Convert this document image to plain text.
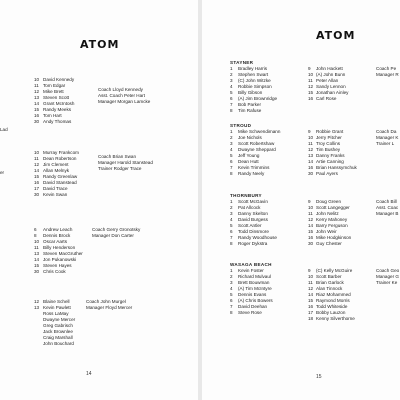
ATOM
Lad
er
10 David Kennedy
11 Tom Edgar
12 Mike Brett
13 Steven Scott
14 Grant McIntosh
15 Randy Meeks
16 Tom Hart
30 Andy Thomas
Coach Lloyd Kennedy
Asst. Coach Peter Hart
Manager Morgan Lamcke
10 Murray Frankcom
11 Dean Robertson
12 Jim Clement
14 Allan Melnyk
15 Randy Greenlaw
16 David Stanstead
17 David Trace
30 Kevin Swan
Coach Brian Swan
Manager Harold Stanstead
Trainer Rodger Trace
6	Andrew Leach
8	Dennis Brock
10 Oscar Aarts
11 Billy Henderson
13 Steven MacGruther
14 Jon Pukanowski
15 Steven Hayes
30 Chris Cook
Coach Gerry Gronotsky
Manager Don Carter
12 Blaine Schell
13 Kevin Pawlett
Ross LaMay
Dwayne Mercer
Greg Gabrisch
Jack Brownlee
Craig Marshall
John Bouchard
Coach John Murgel
Manager Floyd Mercer
14
ATOM
STAYNER
1	Bradley Harris
2	Stephen Swart
3	(C) John Witzke
4	Robbie Simpson
5	Billy Gibson
6	(A) Jim Brownridge
7	Bob Parker
8	Tim Rafuse
9	John Hackett
10 (A) John Bunn
11 Peter Allan
12 Sandy Lennon
15 Jonathan Ainley
16 Carl Rose
Coach Pe
Manager R
STROUD
1	Mike Schwendimann
2	Joe Nichols
3	Scott Robertshaw
4	Dwayne Sheppard
5	Jeff Young
6	Dean Hutt
7	Kevin Trimmins
8	Randy Neely
9	Robbie Grant
10 Jerry Pitcher
11 Troy Collins
12 Tim Bushey
13 Danny Franks
14 Artie Canning
16 Brian Hanssymchuk
30 Paul Ayers
Coach Da
Manager K
Trainer L
THORNBURY
1	Scott McGavin
2	Pat Allcock
3	Danny Skelton
4	David Burgess
5	Scott Antler
6	Todd Dinsmore
7	Randy Woodhouse
8	Roger Dykstra
9	Doug Green
10 Scott Langegger
11 John Nelitz
12 Kerry Mahoney
14 Barry Ferguson
15 John Weir
16 Mike Hodgkinson
30 Guy Chester
Coach Bill
Asst. Coac
Manager B
WASAGA BEACH
1	Kevin Foster
2	Richard Mulvaul
3	Brett Bouwman
4	(A) Tim McIntyre
5	Dennis Evans
6	(A) Chris Bowers
7	David Deehan
8	Steve Rose
9	(C) Kelly McGuire
10 Scott Barber
11 Brian Garlock
12 Alan Tinnock
14 Riaz Mohammed
15 Raymond Morris
16 Todd Whiteside
17 Bobby Lauzon
18 Kenny Silverthorne
Coach Geo
Manager G
Trainer Ke
15
